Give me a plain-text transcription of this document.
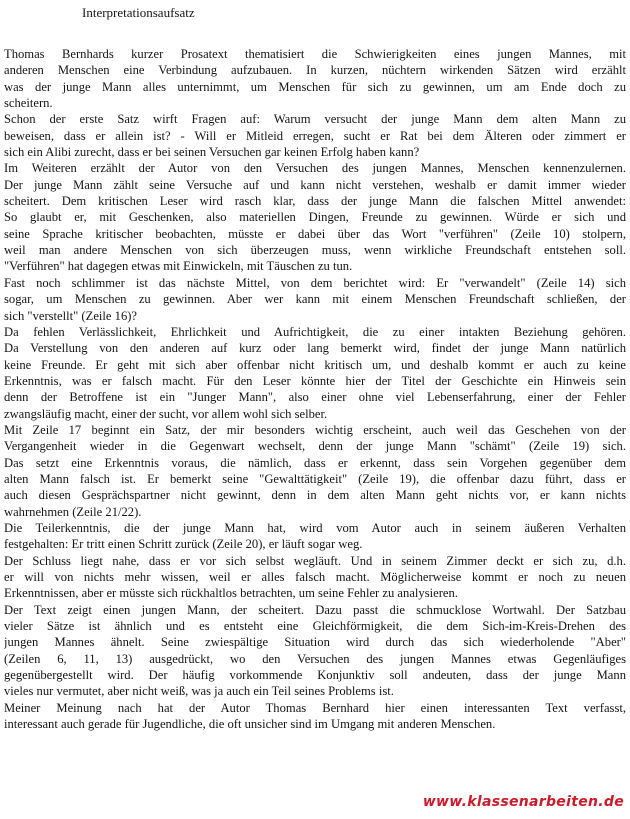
Interpretationsaufsatz
Thomas Bernhards kurzer Prosatext thematisiert die Schwierigkeiten eines jungen Mannes, mit
anderen Menschen eine Verbindung aufzubauen. In kurzen, nüchtern wirkenden Sätzen wird erzählt
was der junge Mann alles unternimmt, um Menschen für sich zu gewinnen, um am Ende doch zu
scheitern.
Schon der erste Satz wirft Fragen auf: Warum versucht der junge Mann dem alten Mann zu
beweisen, dass er allein ist? - Will er Mitleid erregen, sucht er Rat bei dem Älteren oder zimmert er
sich ein Alibi zurecht, dass er bei seinen Versuchen gar keinen Erfolg haben kann?
Im Weiteren erzählt der Autor von den Versuchen des jungen Mannes, Menschen kennenzulernen.
Der junge Mann zählt seine Versuche auf und kann nicht verstehen, weshalb er damit immer wieder
scheitert. Dem kritischen Leser wird rasch klar, dass der junge Mann die falschen Mittel anwendet:
So glaubt er, mit Geschenken, also materiellen Dingen, Freunde zu gewinnen. Würde er sich und
seine Sprache kritischer beobachten, müsste er dabei über das Wort "verführen" (Zeile 10) stolpern,
weil man andere Menschen von sich überzeugen muss, wenn wirkliche Freundschaft entstehen soll.
"Verführen" hat dagegen etwas mit Einwickeln, mit Täuschen zu tun.
Fast noch schlimmer ist das nächste Mittel, von dem berichtet wird: Er "verwandelt" (Zeile 14) sich
sogar, um Menschen zu gewinnen. Aber wer kann mit einem Menschen Freundschaft schließen, der
sich "verstellt" (Zeile 16)?
Da fehlen Verlässlichkeit, Ehrlichkeit und Aufrichtigkeit, die zu einer intakten Beziehung gehören.
Da Verstellung von den anderen auf kurz oder lang bemerkt wird, findet der junge Mann natürlich
keine Freunde. Er geht mit sich aber offenbar nicht kritisch um, und deshalb kommt er auch zu keine
Erkenntnis, was er falsch macht. Für den Leser könnte hier der Titel der Geschichte ein Hinweis sein
denn der Betroffene ist ein "Junger Mann", also einer ohne viel Lebenserfahrung, einer der Fehler
zwangsläufig macht, einer der sucht, vor allem wohl sich selber.
Mit Zeile 17 beginnt ein Satz, der mir besonders wichtig erscheint, auch weil das Geschehen von der
Vergangenheit wieder in die Gegenwart wechselt, denn der junge Mann "schämt" (Zeile 19) sich.
Das setzt eine Erkenntnis voraus, die nämlich, dass er erkennt, dass sein Vorgehen gegenüber dem
alten Mann falsch ist. Er bemerkt seine "Gewalttätigkeit" (Zeile 19), die offenbar dazu führt, dass er
auch diesen Gesprächspartner nicht gewinnt, denn in dem alten Mann geht nichts vor, er kann nichts
wahrnehmen (Zeile 21/22).
Die Teilerkenntnis, die der junge Mann hat, wird vom Autor auch in seinem äußeren Verhalten
festgehalten: Er tritt einen Schritt zurück (Zeile 20), er läuft sogar weg.
Der Schluss liegt nahe, dass er vor sich selbst wegläuft. Und in seinem Zimmer deckt er sich zu, d.h.
er will von nichts mehr wissen, weil er alles falsch macht. Möglicherweise kommt er noch zu neuen
Erkenntnissen, aber er müsste sich rückhaltlos betrachten, um seine Fehler zu analysieren.
Der Text zeigt einen jungen Mann, der scheitert. Dazu passt die schmucklose Wortwahl. Der Satzbau
vieler Sätze ist ähnlich und es entsteht eine Gleichförmigkeit, die dem Sich-im-Kreis-Drehen des
jungen Mannes ähnelt. Seine zwiespältige Situation wird durch das sich wiederholende "Aber"
(Zeilen 6, 11, 13) ausgedrückt, wo den Versuchen des jungen Mannes etwas Gegenläufiges
gegenübergestellt wird. Der häufig vorkommende Konjunktiv soll andeuten, dass der junge Mann
vieles nur vermutet, aber nicht weiß, was ja auch ein Teil seines Problems ist.
Meiner Meinung nach hat der Autor Thomas Bernhard hier einen interessanten Text verfasst,
interessant auch gerade für Jugendliche, die oft unsicher sind im Umgang mit anderen Menschen.
www.klassenarbeiten.de
